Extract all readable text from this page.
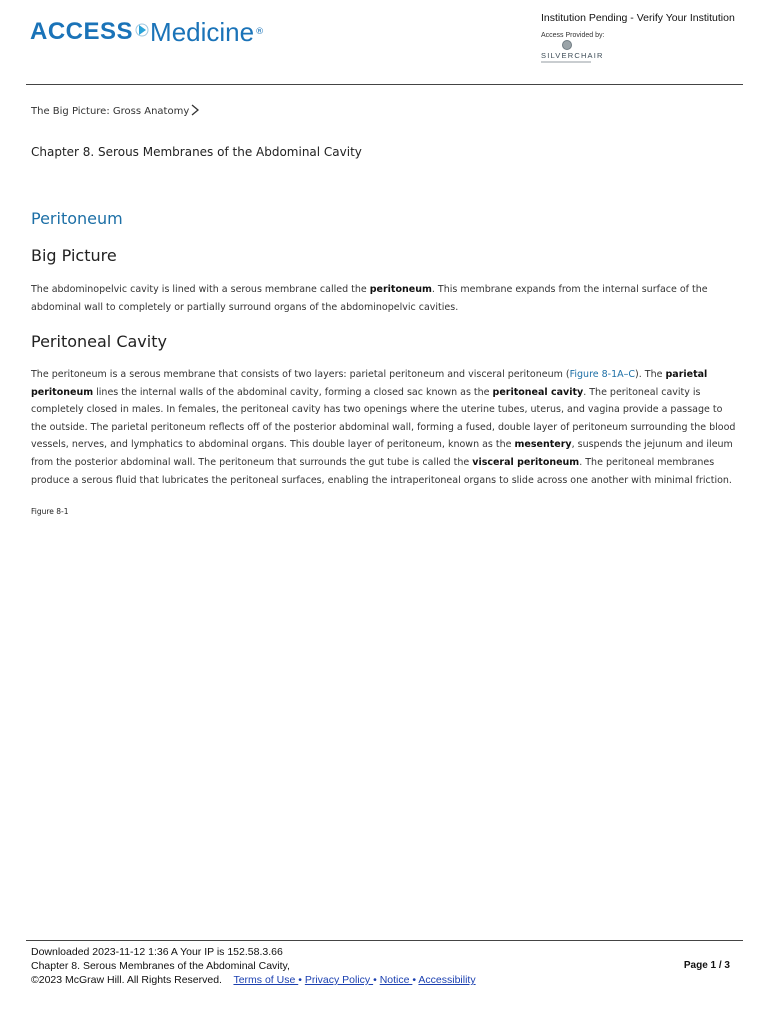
ACCESS Medicine ®
Institution Pending - Verify Your Institution
Access Provided by:
SILVERCHAIR
The Big Picture: Gross Anatomy
Chapter 8. Serous Membranes of the Abdominal Cavity
Peritoneum
Big Picture

The abdominopelvic cavity is lined with a serous membrane called the peritoneum. This membrane expands from the internal surface of the abdominal wall to completely or partially surround organs of the abdominopelvic cavities.

Peritoneal Cavity

The peritoneum is a serous membrane that consists of two layers: parietal peritoneum and visceral peritoneum (Figure 8-1A–C). The parietal peritoneum lines the internal walls of the abdominal cavity, forming a closed sac known as the peritoneal cavity. The peritoneal cavity is completely closed in males. In females, the peritoneal cavity has two openings where the uterine tubes, uterus, and vagina provide a passage to the outside. The parietal peritoneum reflects off of the posterior abdominal wall, forming a fused, double layer of peritoneum surrounding the blood vessels, nerves, and lymphatics to abdominal organs. This double layer of peritoneum, known as the mesentery, suspends the jejunum and ileum from the posterior abdominal wall. The peritoneum that surrounds the gut tube is called the visceral peritoneum. The peritoneal membranes produce a serous fluid that lubricates the peritoneal surfaces, enabling the intraperitoneal organs to slide across one another with minimal friction.

Figure 8-1
Downloaded 2023-11-12 1:36 A Your IP is 152.58.3.66
Chapter 8. Serous Membranes of the Abdominal Cavity,
©2023 McGraw Hill. All Rights Reserved. Terms of Use • Privacy Policy • Notice • Accessibility
Page 1 / 3
